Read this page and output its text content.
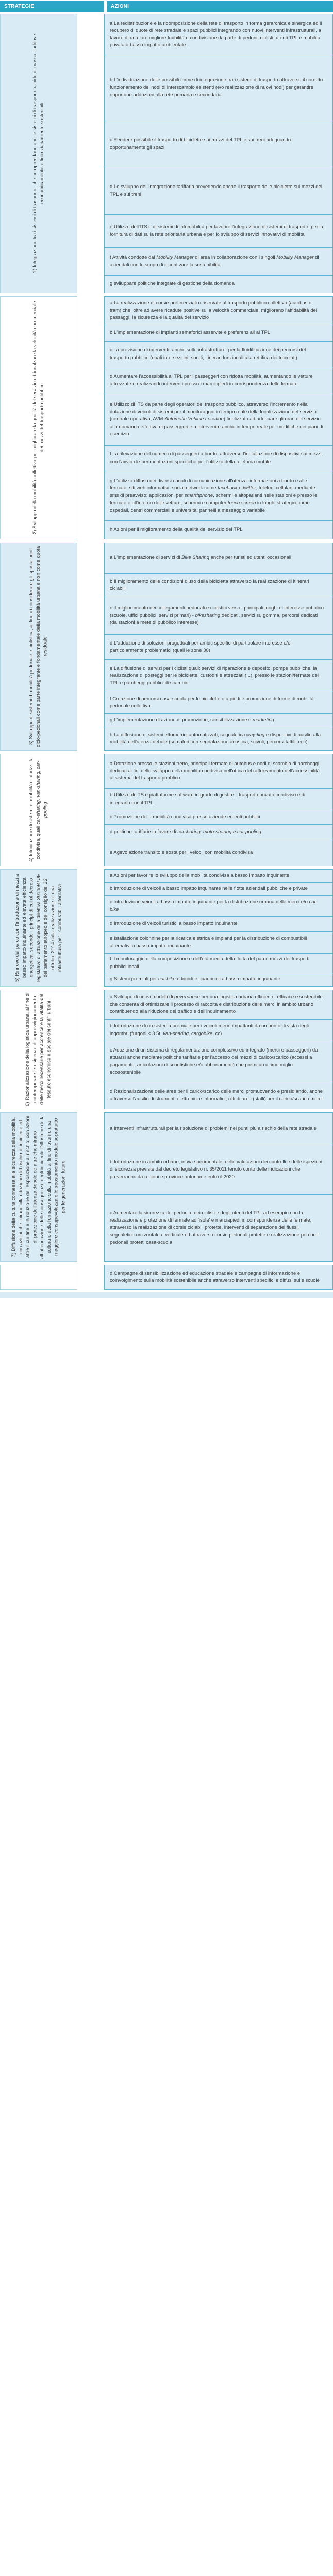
STRATEGIE	AZIONI
1) Integrazione tra i sistemi di trasporto, che comprendano anche sistemi di trasporto rapido di massa, laddove economicamente e finanziariamente sostenibili
a La redistribuzione e la ricomposizione della rete di trasporto in forma gerarchica e sinergica ed il recupero di quote di rete stradale e spazi pubblici integrando con nuovi interventi infrastrutturali, a favore di una loro migliore fruibilità e condivisione da parte di pedoni, ciclisti, utenti TPL e mobilità privata a basso impatto ambientale.
b L'individuazione delle possibili forme di integrazione tra i sistemi di trasporto attraverso il corretto funzionamento dei nodi di interscambio esistenti (e/o realizzazione di nuovi nodi) per garantire opportune adduzioni alla rete primaria e secondaria
c Rendere possibile il trasporto di biciclette sui mezzi del TPL e sui treni adeguando opportunamente gli spazi
d Lo sviluppo dell'integrazione tariffaria prevedendo anche il trasporto delle biciclette sui mezzi del TPL e sui treni
e Utilizzo dell'ITS e di sistemi di infomobilità per favorire l'integrazione di sistemi di trasporto, per la fornitura di dati sulla rete prioritaria urbana e per lo sviluppo di servizi innovativi di mobilità
f Attività condotte dal Mobility Manager di area in collaborazione con i singoli Mobility Manager di aziendali con lo scopo di incentivare la sostenibilità
g sviluppare politiche integrate di gestione della domanda
2) Sviluppo della mobilità collettiva per migliorare la qualità del servizio ed innalzare la velocità commerciale dei mezzi del trasporto pubblico
a La realizzazione di corsie preferenziali o riservate al trasporto pubblico collettivo (autobus o tram),che, oltre ad avere ricadute positive sulla velocità commerciale, migliorano l'affidabilità dei passaggi, la sicurezza e la qualità del servizio
b L'implementazione di impianti semaforici asservite e preferenziali al TPL
c La previsione di interventi, anche sulle infrastrutture, per la fluidificazione dei percorsi del trasporto pubblico (quali intersezioni, snodi, itinerari funzionali alla rettifica dei tracciati)
d Aumentare l'accessibilità al TPL per i passeggeri con ridotta mobilità, aumentando le vetture attrezzate e realizzando interventi presso i marciapiedi in corrispondenza delle fermate
e Utilizzo di ITS da parte degli operatori del trasporto pubblico, attraverso l'incremento nella dotazione di veicoli di sistemi per il monitoraggio in tempo reale della localizzazione del servizio (centrale operativa, AVM-Automatic Vehicle Location) finalizzato ad adeguare gli orari del servizio alla domanda effettiva di passeggeri e a intervenire anche in tempo reale per modifiche dei piani di esercizio
f La rilevazione del numero di passeggeri a bordo, attraverso l'installazione di dispositivi sui mezzi, con l'avvio di sperimentazioni specifiche per l'utilizzo della telefonia mobile
g L'utilizzo diffuso dei diversi canali di comunicazione all'utenza: informazioni a bordo e alle fermate; siti web informativi; social network come facebook e twitter; telefoni cellulari, mediante sms di preavviso; applicazioni per smarthphone, schermi e altoparlanti nelle stazioni e presso le fermate e all'interno delle vetture; schermi e computer touch screen in luoghi strategici come ospedali, centri commerciali e università; pannelli a messaggio variabile
h Azioni per il miglioramento della qualità del servizio del TPL
3) Sviluppo di sistemi di mobilità pedonale e ciclistica, al fine di considerare gli spostamenti ciclo-pedonali come parte integrante e fondamentale della mobilità urbana e non come quota residuale
a L'implementazione di servizi di Bike Sharing anche per turisti ed utenti occasionali
b Il miglioramento delle condizioni d'uso della bicicletta attraverso la realizzazione di itinerari ciclabili
c Il miglioramento dei collegamenti pedonali e ciclistici verso i principali luoghi di interesse pubblico (scuole, uffici pubblici, servizi primari) - bikesharing dedicati, servizi su gomma, percorsi dedicati (da stazioni a mete di pubblico interesse)
d L'adduzione di soluzioni progettuali per ambiti specifici di particolare interesse e/o particolarmente problematici (quali le zone 30)
e La diffusione di servizi per i ciclisti quali: servizi di riparazione e deposito, pompe pubbliche, la realizzazione di posteggi per le biciclette, custoditi e attrezzati (...), presso le stazioni/fermate del TPL e parcheggi pubblici di scambio
f Creazione di percorsi casa-scuola per le biciclette e a piedi e promozione di forme di mobilità pedonale collettiva
g L'implementazione di azione di promozione, sensibilizzazione e marketing
h La diffusione di sistemi ettometrici automatizzati, segnaletica way-fing e dispositivi di ausilio alla mobilità dell'utenza debole (semafori con segnalazione acustica, scivoli, percorsi tattili, ecc)
4) Introduzione di sistemi di mobilità motorizzata condivisa, quali car-sharing, van-sharing, car-pooling
a Dotazione presso le stazioni treno, principali fermate di autobus e nodi di scambio di parcheggi dedicati ai fini dello sviluppo della mobilità condivisa nell'ottica del rafforzamento dell'accessibilità al sistema del trasporto pubblico
b Utilizzo di ITS e piattaforme software in grado di gestire il trasporto privato condiviso e di integrarlo con il TPL
c Promozione della mobilità condivisa presso aziende ed enti pubblici
d politiche tariffarie in favore di carsharing, moto-sharing e car-pooling
e Agevolazione transito e sosta per i veicoli con mobilità condivisa
5) Rinnovo del parco con l'introduzione di mezzi a basso impatto inquinante ed elevata efficienza energetica, secondo i principi di cui al decreto legislativo di attuazione della direttiva 2014/94/UE del parlamento europeo e del consiglio del 22 ottobre 2014 sulla realizzazione di una infrastruttura per i combustibili alternativi
a Azioni per favorire lo sviluppo della mobilità condivisa a basso impatto inquinante
b Introduzione di veicoli a basso impatto inquinante nelle flotte aziendali pubbliche e private
c Introduzione veicoli a basso impatto inquinante per la distribuzione urbana delle merci e/o car-bike
d Introduzione di veicoli turistici a basso impatto inquinante
e Istallazione colonnine per la ricarica elettrica e impianti per la distribuzione di combustibili alternativi a basso impatto inquinante
f Il monitoraggio della composizione e dell'età media della flotta del parco mezzi dei trasporti pubblici locali
g Sistemi premiali per car-bike e tricicli e quadricicli a basso impatto inquinante
6) Razionalizzazione della logistica urbana, al fine di contemperare le esigenze di approvvigionamento delle merci necessarie per accrescere la vitalità del tessuto economico e sociale dei centri urbani
a Sviluppo di nuovi modelli di governance per una logistica urbana efficiente, efficace e sostenibile che consenta di ottimizzare il processo di raccolta e distribuzione delle merci in ambito urbano contribuendo alla riduzione del traffico e dell'inquinamento
b Introduzione di un sistema premiale per i veicoli meno impattanti da un punto di vista degli ingombri (furgoni < 3.5t, van-sharing, cargobike, cc)
c Adozione di un sistema di regolamentazione complessivo ed integrato (merci e passeggeri) da attuarsi anche mediante politiche tariffarie per l'accesso dei mezzi di carico/scarico (accessi a pagamento, articolazioni di scontistiche e/o abbonamenti) che premi un ultimo miglio ecosostenibile
d Razionalizzazione delle aree per il carico/scarico delle merci promuovendo e presidiando, anche attraverso l'ausilio di strumenti elettronici e informatici, reti di aree (stalli) per il carico/scarico merci
7) Diffusione della cultura connessa alla sicurezza della mobilità, con azioni che mirano alla riduzione del rischio di incidente ed altre il cui fine è la riduzione dell'esposizione al rischio; con azioni di protezione dell'utenza debole ed altre che mirano all'attenuazione delle conseguenze degli incidenti. Diffusione della cultura e della formazione sulla mobilità al fine di favorire una maggiore consapevolezza e lo spostamento modale soprattutto per le generazioni future
a Interventi infrastrutturali per la risoluzione di problemi nei punti più a rischio della rete stradale
b Introduzione in ambito urbano, in via sperimentale, delle valutazioni dei controlli e delle ispezioni di sicurezza previste dal decreto legislativo n. 35/2011 tenuto conto delle indicazioni che preverranno da regioni e province autonome entro il 2020
c Aumentare la sicurezza dei pedoni e dei ciclisti e degli utenti del TPL ad esempio con la realizzazione e protezione di fermate ad 'isola' e marciapiedi in corrispondenza delle fermate, attraverso la realizzazione di corsie ciclabili protette, interventi di separazione dei flussi, segnaletica orizzontale e verticale ed attraverso corsie pedonali protette e realizzazione percorsi pedonali protetti casa-scuola
d Campagne di sensibilizzazione ed educazione stradale e campagne di informazione e coinvolgimento sulla mobilità sostenibile anche attraverso interventi specifici e diffusi sulle scuole
